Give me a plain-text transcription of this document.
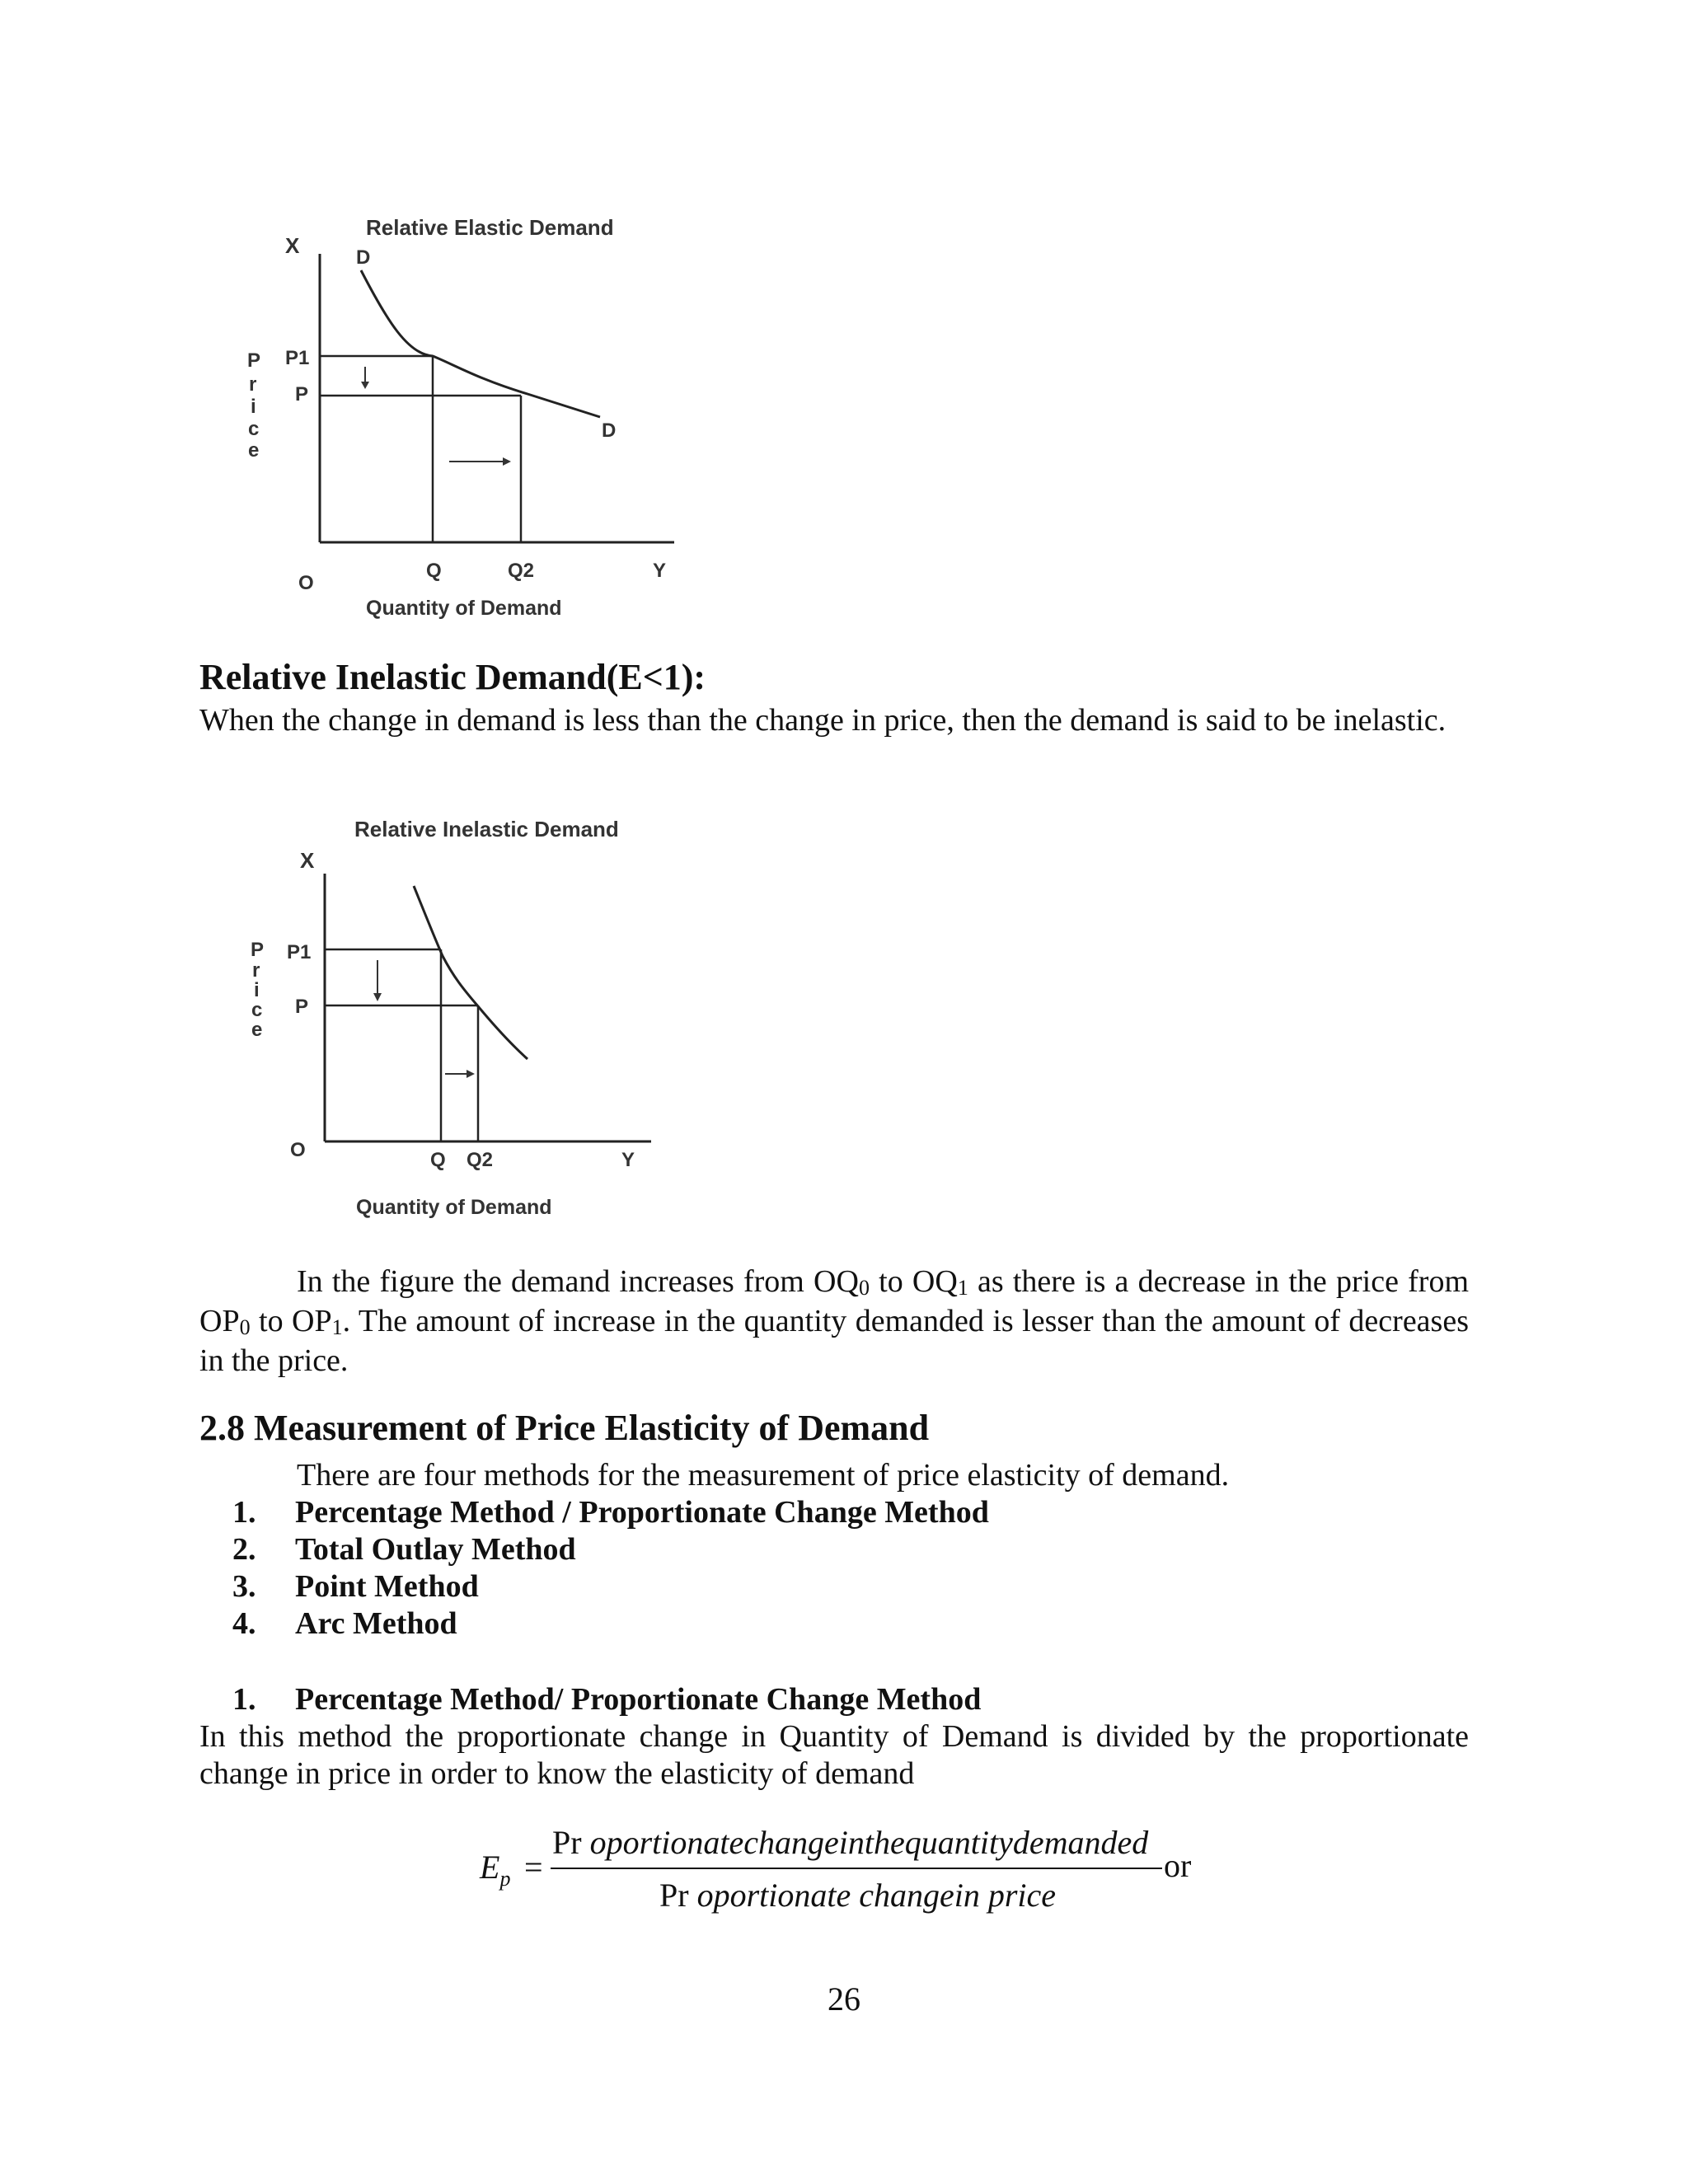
Relative Elastic Demand
X	D
D
P1
P
P
r
i
c
e
O
Q	Q2	Y
Quantity of Demand
Relative Inelastic Demand(E<1):

When the change in demand is less than the change in price, then the demand is said to be inelastic.

Relative Inelastic Demand
X
P
r
i
c
e
P1
P
O	Q Q2	Y
Quantity of Demand

In the figure the demand increases from $OQ_0$ to $OQ_1$ as there is a decrease in the price from $OP_0$ to $OP_1$. The amount of increase in the quantity demanded is lesser than the amount of decreases in the price.

2.8 Measurement of Price Elasticity of Demand

There are four methods for the measurement of price elasticity of demand.

1. Percentage Method / Proportionate Change Method
2. Total Outlay Method
3. Point Method
4. Arc Method
1. Percentage Method/ Proportionate Change Method

In this method the proportionate change in Quantity of Demand is divided by the proportionate change in price in order to know the elasticity of demand

$E_p$ =
Pr oportionatechangeinthequantitydemanded
Pr oportionate changein price
or
26
